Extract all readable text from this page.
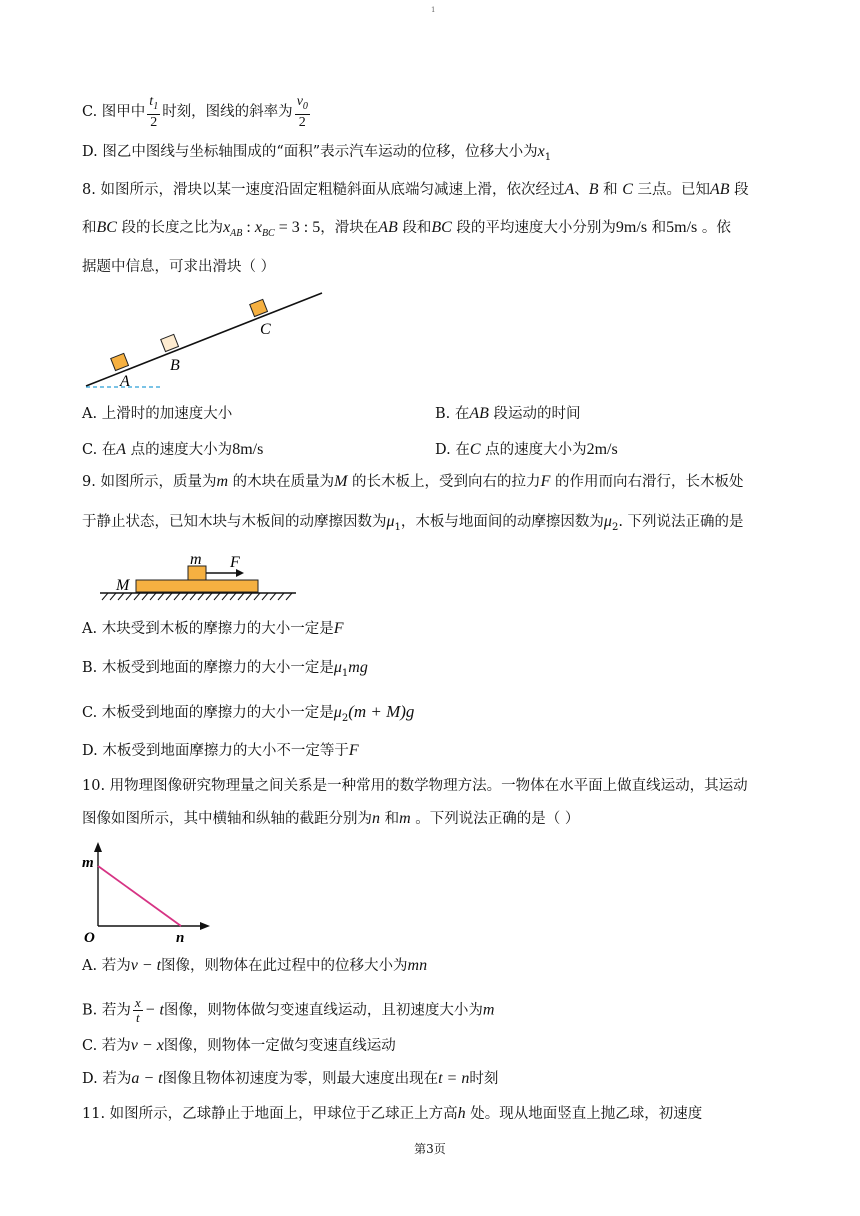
1
C. 图甲中 $\frac{t_1}{2}$ 时刻，图线的斜率为 $\frac{v_0}{2}$
D. 图乙中图线与坐标轴围成的“面积”表示汽车运动的位移，位移大小为$x_1$
8. 如图所示，滑块以某一速度沿固定粗糙斜面从底端匀减速上滑，依次经过A、B 和 C 三点。已知AB 段
和BC 段的长度之比为$x_{AB}$ : $x_{BC} = 3$ : 5，滑块在AB 段和BC 段的平均速度大小分别为9m/s 和5m/s 。依
据题中信息，可求出滑块（ ）
A
B
C
A. 上滑时的加速度大小	B. 在AB 段运动的时间
C. 在A 点的速度大小为8m/s	D. 在C 点的速度大小为2m/s
9. 如图所示，质量为m 的木块在质量为M 的长木板上，受到向右的拉力F 的作用而向右滑行，长木板处
于静止状态，已知木块与木板间的动摩擦因数为$\mu_1$，木板与地面间的动摩擦因数为$\mu_2$. 下列说法正确的是
m F
M
A. 木块受到木板的摩擦力的大小一定是F
B. 木板受到地面的摩擦力的大小一定是$\mu_1mg$
C. 木板受到地面的摩擦力的大小一定是$\mu_2(m + M)g$
D. 木板受到地面摩擦力的大小不一定等于F
10. 用物理图像研究物理量之间关系是一种常用的数学物理方法。一物体在水平面上做直线运动，其运动
图像如图所示，其中横轴和纵轴的截距分别为n 和m 。下列说法正确的是（ ）
m
n
O
A. 若为v − t图像，则物体在此过程中的位移大小为mn
B. 若为 $\frac{x}{t} - t$图像，则物体做匀变速直线运动，且初速度大小为m
C. 若为v − x图像，则物体一定做匀变速直线运动
D. 若为a − t图像且物体初速度为零，则最大速度出现在t = n时刻
11. 如图所示，乙球静止于地面上，甲球位于乙球正上方高h 处。现从地面竖直上抛乙球，初速度
第3页
